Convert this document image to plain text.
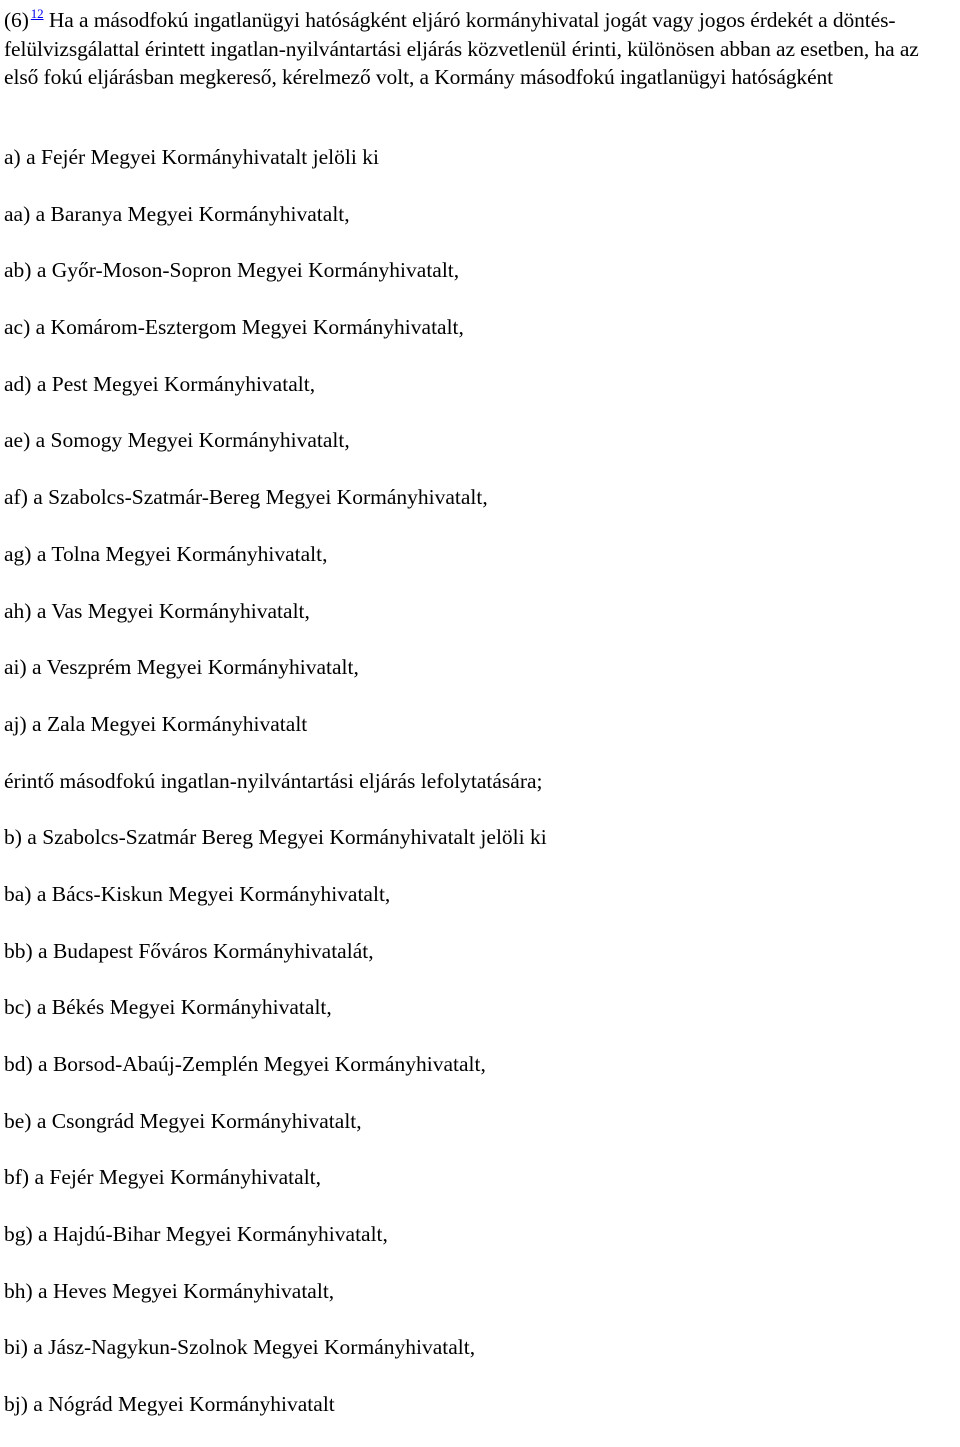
(6) $^{12}$ Ha a másodfokú ingatlanügyi hatóságként eljáró kormányhivatal jogát vagy jogos érdekét a döntés-felülvizsgálattal érintett ingatlan-nyilvántartási eljárás közvetlenül érinti, különösen abban az esetben, ha az első fokú eljárásban megkereső, kérelmező volt, a Kormány másodfokú ingatlanügyi hatóságként

a) a Fejér Megyei Kormányhivatalt jelöli ki
aa) a Baranya Megyei Kormányhivatalt,
ab) a Győr-Moson-Sopron Megyei Kormányhivatalt,
ac) a Komárom-Esztergom Megyei Kormányhivatalt,
ad) a Pest Megyei Kormányhivatalt,
ae) a Somogy Megyei Kormányhivatalt,
af) a Szabolcs-Szatmár-Bereg Megyei Kormányhivatalt,
ag) a Tolna Megyei Kormányhivatalt,
ah) a Vas Megyei Kormányhivatalt,
ai) a Veszprém Megyei Kormányhivatalt,
aj) a Zala Megyei Kormányhivatalt
érintő másodfokú ingatlan-nyilvántartási eljárás lefolytatására;
b) a Szabolcs-Szatmár Bereg Megyei Kormányhivatalt jelöli ki
ba) a Bács-Kiskun Megyei Kormányhivatalt,
bb) a Budapest Főváros Kormányhivatalát,
bc) a Békés Megyei Kormányhivatalt,
bd) a Borsod-Abaúj-Zemplén Megyei Kormányhivatalt,
be) a Csongrád Megyei Kormányhivatalt,
bf) a Fejér Megyei Kormányhivatalt,
bg) a Hajdú-Bihar Megyei Kormányhivatalt,
bh) a Heves Megyei Kormányhivatalt,
bi) a Jász-Nagykun-Szolnok Megyei Kormányhivatalt,
bj) a Nógrád Megyei Kormányhivatalt
